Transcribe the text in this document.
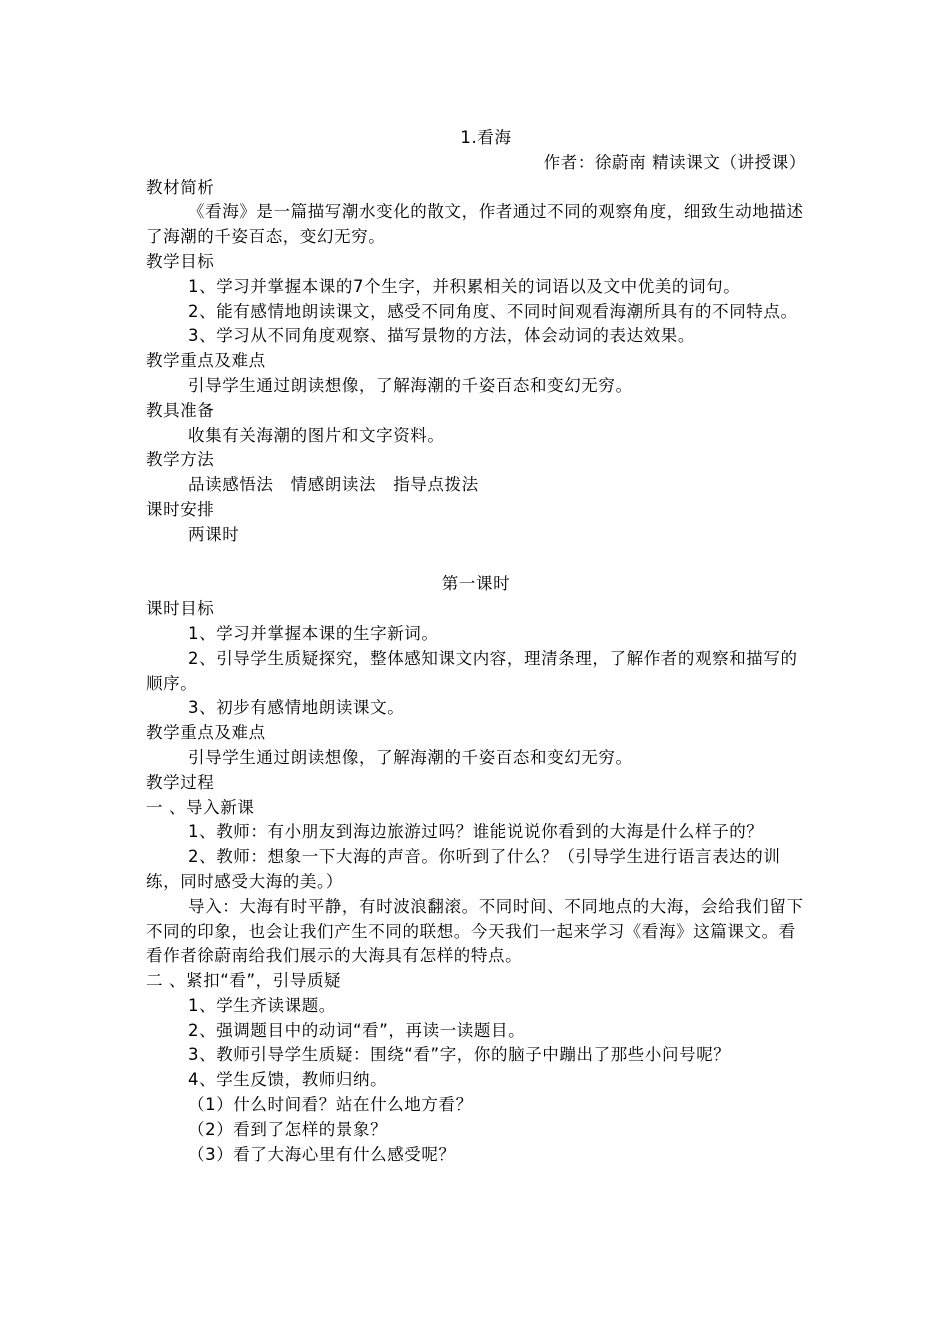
1.看海
作者：徐蔚南 精读课文（讲授课）
教材简析
《看海》是一篇描写潮水变化的散文，作者通过不同的观察角度，细致生动地描述了海潮的千姿百态，变幻无穷。
教学目标
1、学习并掌握本课的7个生字，并积累相关的词语以及文中优美的词句。
2、能有感情地朗读课文，感受不同角度、不同时间观看海潮所具有的不同特点。
3、学习从不同角度观察、描写景物的方法，体会动词的表达效果。
教学重点及难点
引导学生通过朗读想像，了解海潮的千姿百态和变幻无穷。
教具准备
收集有关海潮的图片和文字资料。
教学方法
品读感悟法　情感朗读法　指导点拨法
课时安排
两课时
第一课时
课时目标
1、学习并掌握本课的生字新词。
2、引导学生质疑探究，整体感知课文内容，理清条理，了解作者的观察和描写的顺序。
3、初步有感情地朗读课文。
教学重点及难点
引导学生通过朗读想像，了解海潮的千姿百态和变幻无穷。
教学过程
一 、导入新课
1、教师：有小朋友到海边旅游过吗？谁能说说你看到的大海是什么样子的？
2、教师：想象一下大海的声音。你听到了什么？（引导学生进行语言表达的训练，同时感受大海的美。）
导入：大海有时平静，有时波浪翻滚。不同时间、不同地点的大海，会给我们留下不同的印象，也会让我们产生不同的联想。今天我们一起来学习《看海》这篇课文。看看作者徐蔚南给我们展示的大海具有怎样的特点。
二 、紧扣“看”，引导质疑
1、学生齐读课题。
2、强调题目中的动词“看”，再读一读题目。
3、教师引导学生质疑：围绕“看”字，你的脑子中蹦出了那些小问号呢？
4、学生反馈，教师归纳。
（1）什么时间看？站在什么地方看？
（2）看到了怎样的景象？
（3）看了大海心里有什么感受呢？
